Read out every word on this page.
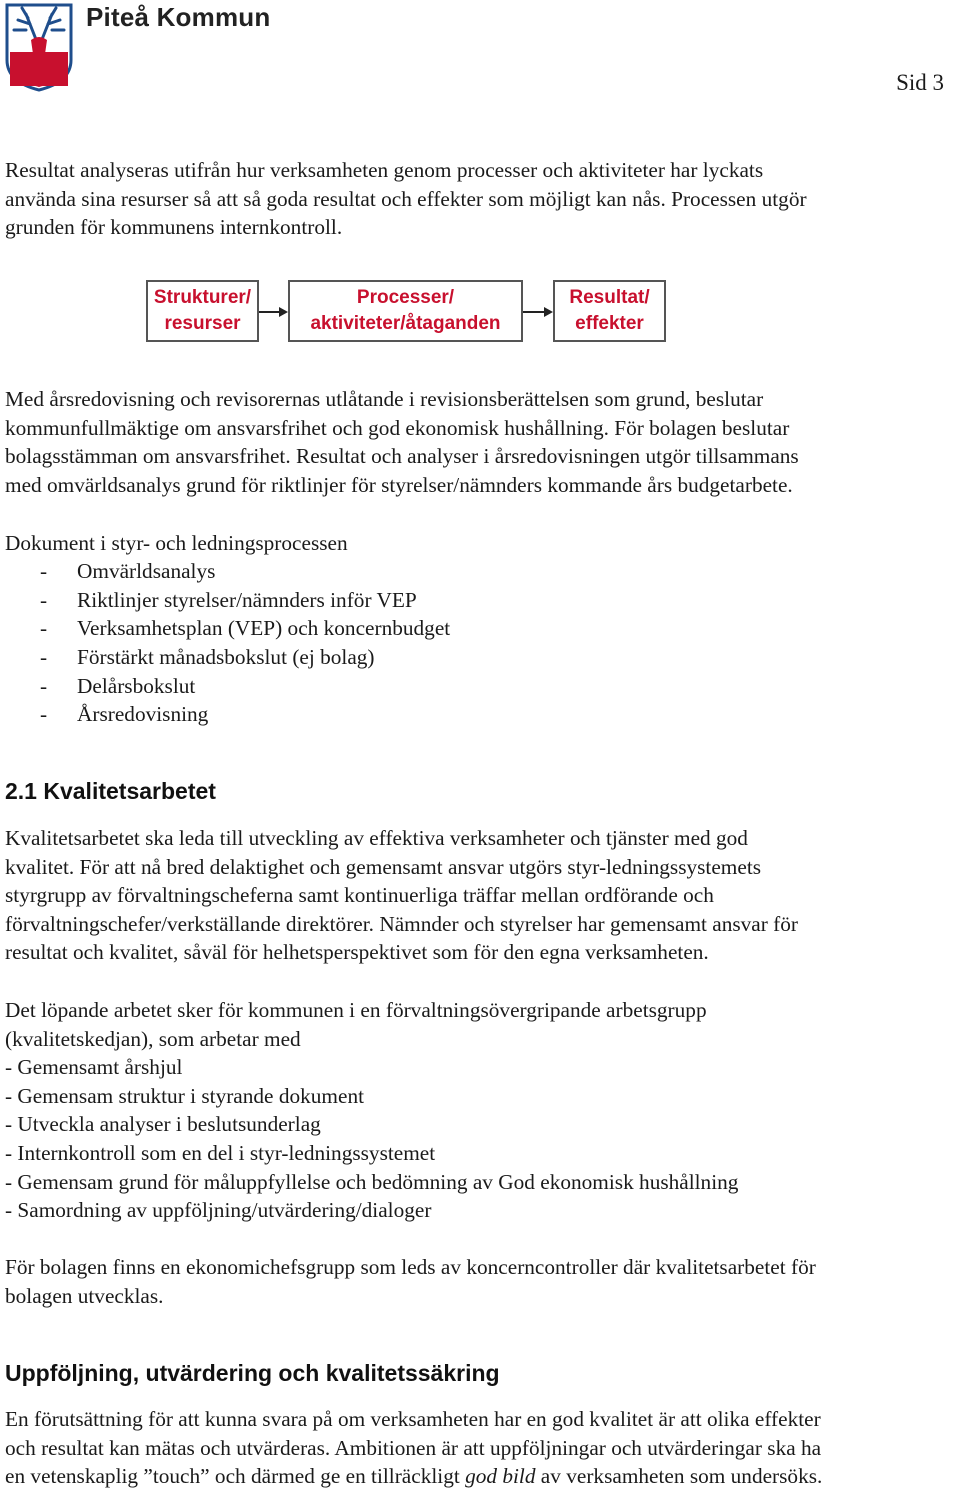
Piteå Kommun
Sid 3
Resultat analyseras utifrån hur verksamheten genom processer och aktiviteter har lyckats
använda sina resurser så att så goda resultat och effekter som möjligt kan nås. Processen utgör
grunden för kommunens internkontroll.
Strukturer/
resurser
Processer/
aktiviteter/åtaganden
Resultat/
effekter
Med årsredovisning och revisorernas utlåtande i revisionsberättelsen som grund, beslutar
kommunfullmäktige om ansvarsfrihet och god ekonomisk hushållning. För bolagen beslutar
bolagsstämman om ansvarsfrihet. Resultat och analyser i årsredovisningen utgör tillsammans
med omvärldsanalys grund för riktlinjer för styrelser/nämnders kommande års budgetarbete.
Dokument i styr- och ledningsprocessen
- Omvärldsanalys
- Riktlinjer styrelser/nämnders inför VEP
- Verksamhetsplan (VEP) och koncernbudget
- Förstärkt månadsbokslut (ej bolag)
- Delårsbokslut
- Årsredovisning
2.1 Kvalitetsarbetet
Kvalitetsarbetet ska leda till utveckling av effektiva verksamheter och tjänster med god
kvalitet. För att nå bred delaktighet och gemensamt ansvar utgörs styr-ledningssystemets
styrgrupp av förvaltningscheferna samt kontinuerliga träffar mellan ordförande och
förvaltningschefer/verkställande direktörer. Nämnder och styrelser har gemensamt ansvar för
resultat och kvalitet, såväl för helhetsperspektivet som för den egna verksamheten.
Det löpande arbetet sker för kommunen i en förvaltningsövergripande arbetsgrupp
(kvalitetskedjan), som arbetar med
- Gemensamt årshjul
- Gemensam struktur i styrande dokument
- Utveckla analyser i beslutsunderlag
- Internkontroll som en del i styr-ledningssystemet
- Gemensam grund för måluppfyllelse och bedömning av God ekonomisk hushållning
- Samordning av uppföljning/utvärdering/dialoger
För bolagen finns en ekonomichefsgrupp som leds av koncerncontroller där kvalitetsarbetet för
bolagen utvecklas.
Uppföljning, utvärdering och kvalitetssäkring
En förutsättning för att kunna svara på om verksamheten har en god kvalitet är att olika effekter
och resultat kan mätas och utvärderas. Ambitionen är att uppföljningar och utvärderingar ska ha
en vetenskaplig ”touch” och därmed ge en tillräckligt god bild av verksamheten som undersöks.
